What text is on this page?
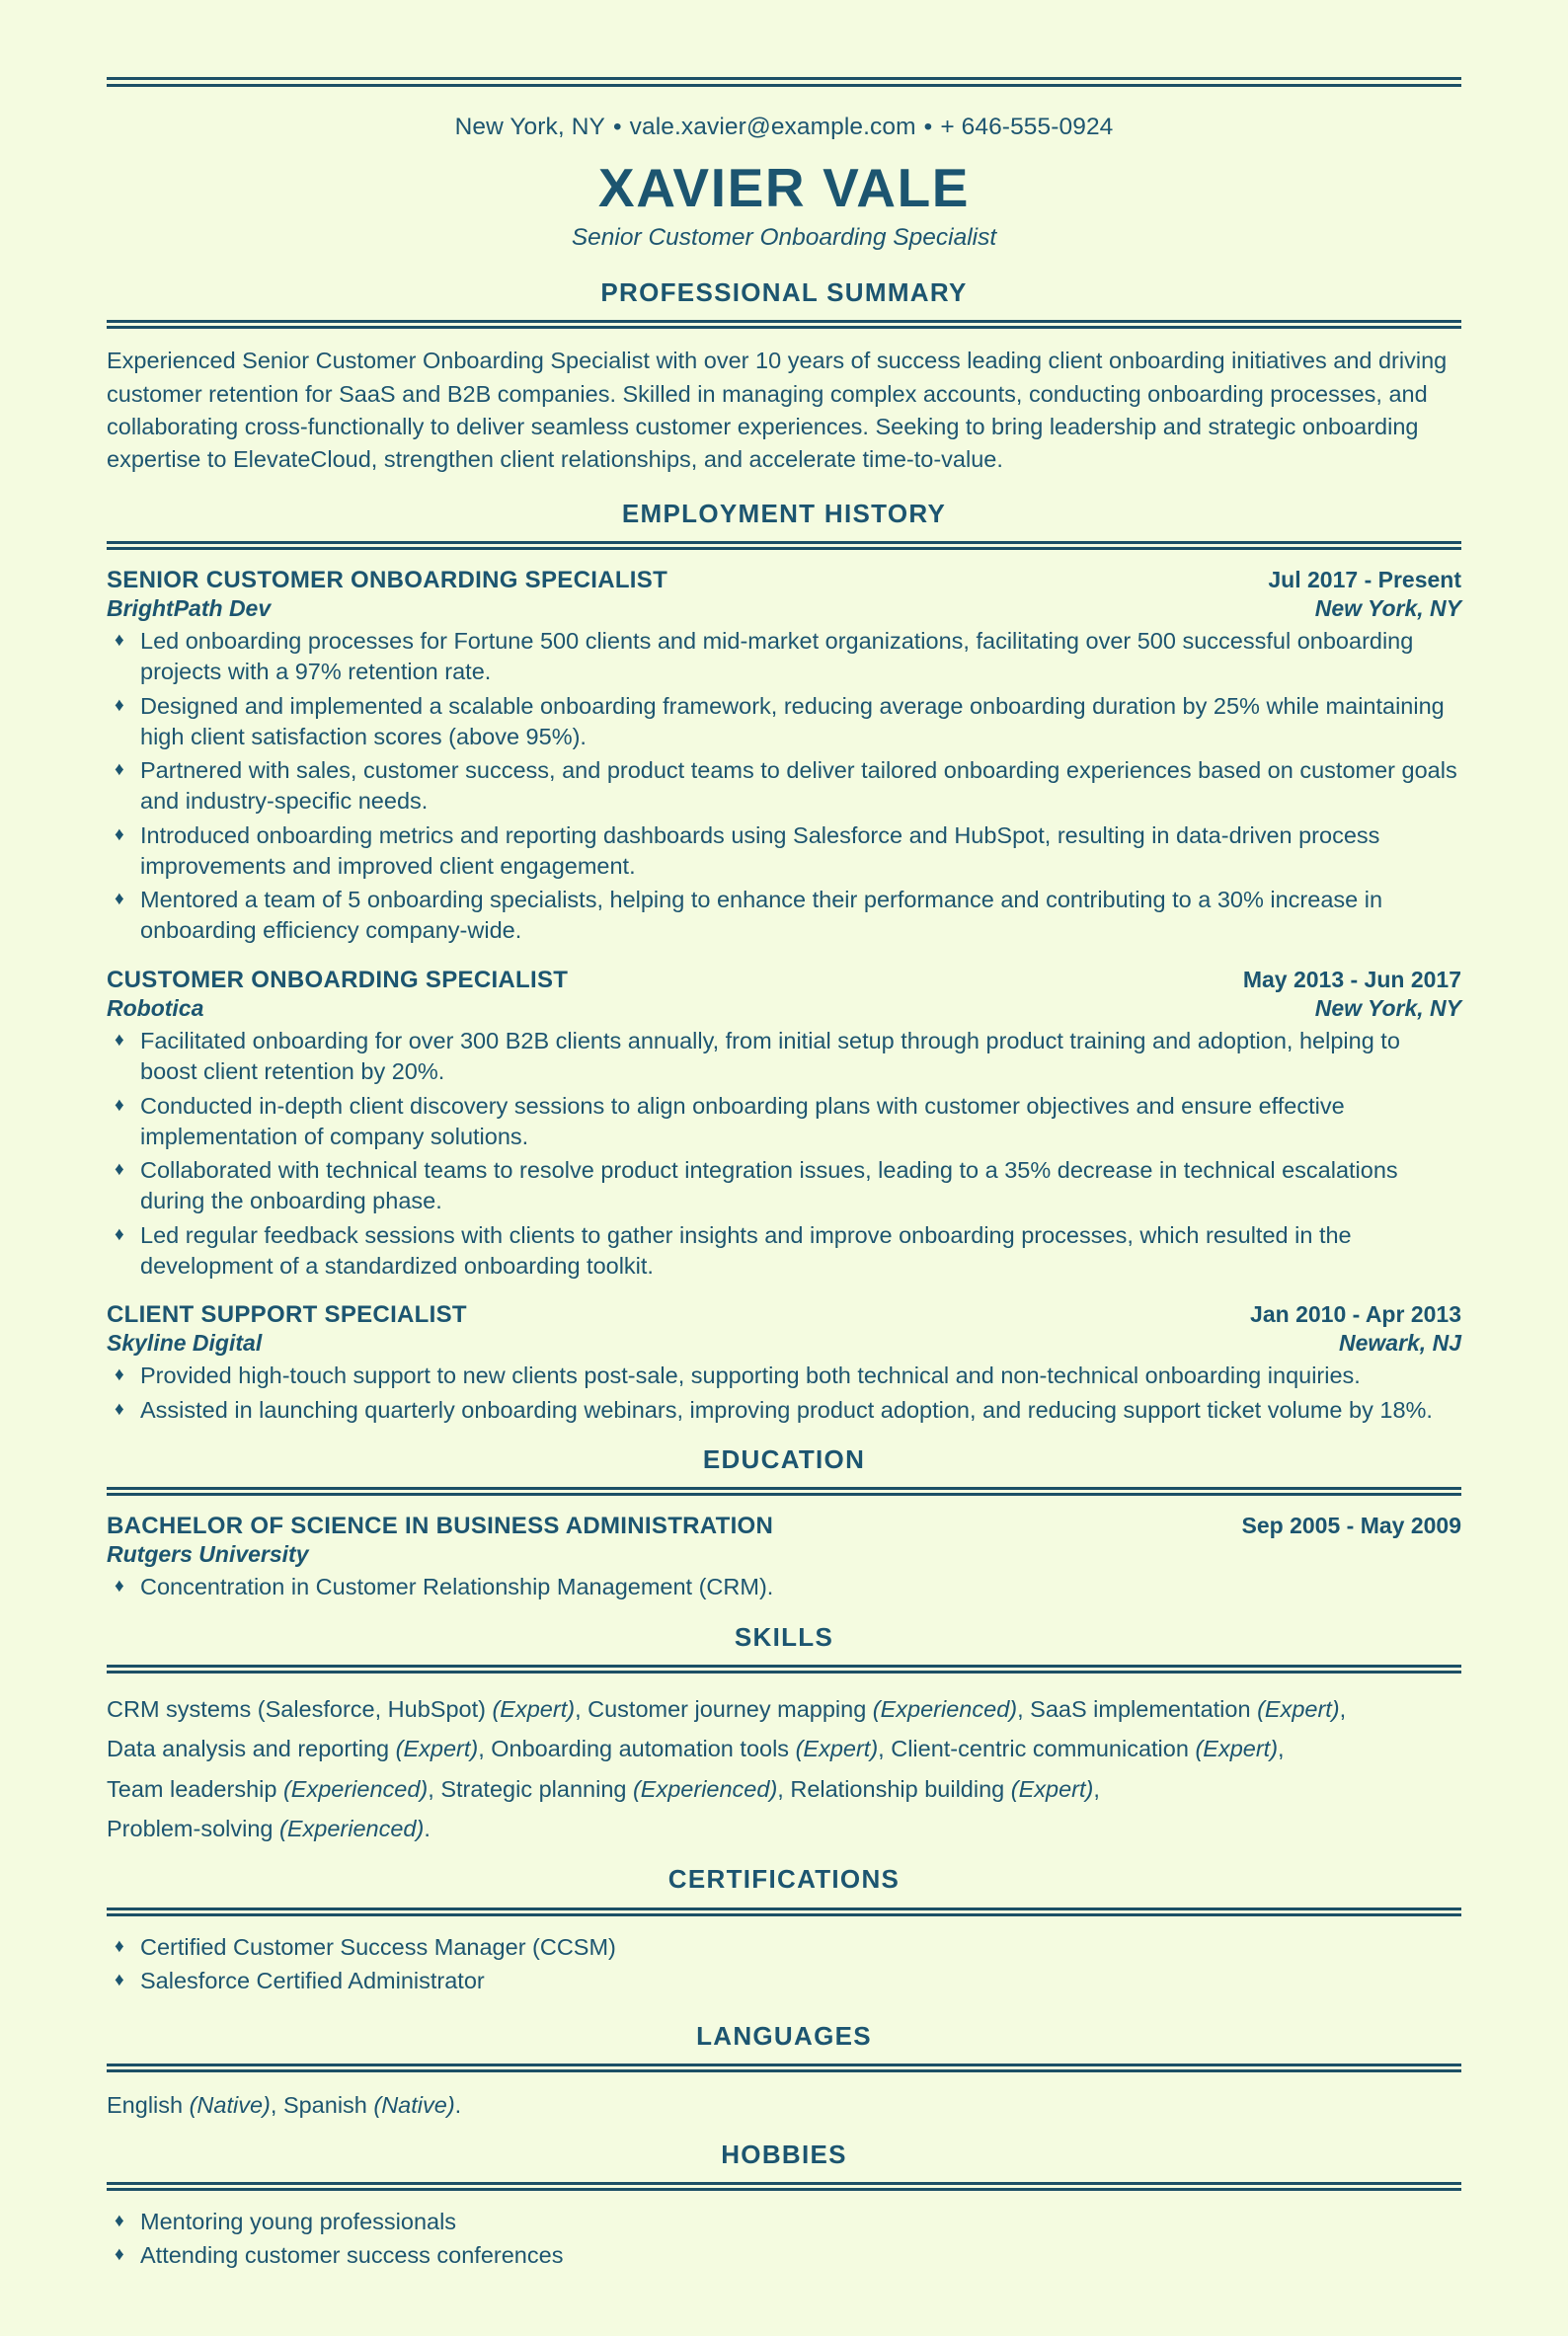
New York, NY • vale.xavier@example.com • + 646-555-0924
XAVIER VALE
Senior Customer Onboarding Specialist
PROFESSIONAL SUMMARY
Experienced Senior Customer Onboarding Specialist with over 10 years of success leading client onboarding initiatives and driving customer retention for SaaS and B2B companies. Skilled in managing complex accounts, conducting onboarding processes, and collaborating cross-functionally to deliver seamless customer experiences. Seeking to bring leadership and strategic onboarding expertise to ElevateCloud, strengthen client relationships, and accelerate time-to-value.
EMPLOYMENT HISTORY
SENIOR CUSTOMER ONBOARDING SPECIALIST	Jul 2017 - Present
BrightPath Dev	New York, NY
♦ Led onboarding processes for Fortune 500 clients and mid-market organizations, facilitating over 500 successful onboarding projects with a 97% retention rate.
♦ Designed and implemented a scalable onboarding framework, reducing average onboarding duration by 25% while maintaining high client satisfaction scores (above 95%).
♦ Partnered with sales, customer success, and product teams to deliver tailored onboarding experiences based on customer goals and industry-specific needs.
♦ Introduced onboarding metrics and reporting dashboards using Salesforce and HubSpot, resulting in data-driven process improvements and improved client engagement.
♦ Mentored a team of 5 onboarding specialists, helping to enhance their performance and contributing to a 30% increase in onboarding efficiency company-wide.
CUSTOMER ONBOARDING SPECIALIST	May 2013 - Jun 2017
Robotica	New York, NY
♦ Facilitated onboarding for over 300 B2B clients annually, from initial setup through product training and adoption, helping to boost client retention by 20%.
♦ Conducted in-depth client discovery sessions to align onboarding plans with customer objectives and ensure effective implementation of company solutions.
♦ Collaborated with technical teams to resolve product integration issues, leading to a 35% decrease in technical escalations during the onboarding phase.
♦ Led regular feedback sessions with clients to gather insights and improve onboarding processes, which resulted in the development of a standardized onboarding toolkit.
CLIENT SUPPORT SPECIALIST	Jan 2010 - Apr 2013
Skyline Digital	Newark, NJ
♦ Provided high-touch support to new clients post-sale, supporting both technical and non-technical onboarding inquiries.
♦ Assisted in launching quarterly onboarding webinars, improving product adoption, and reducing support ticket volume by 18%.
EDUCATION
BACHELOR OF SCIENCE IN BUSINESS ADMINISTRATION	Sep 2005 - May 2009
Rutgers University
♦ Concentration in Customer Relationship Management (CRM).
SKILLS
CRM systems (Salesforce, HubSpot) (Expert), Customer journey mapping (Experienced), SaaS implementation (Expert),
Data analysis and reporting (Expert), Onboarding automation tools (Expert), Client-centric communication (Expert),
Team leadership (Experienced), Strategic planning (Experienced), Relationship building (Expert),
Problem-solving (Experienced).
CERTIFICATIONS
♦ Certified Customer Success Manager (CCSM)
♦ Salesforce Certified Administrator
LANGUAGES
English (Native), Spanish (Native).
HOBBIES
♦ Mentoring young professionals
♦ Attending customer success conferences
